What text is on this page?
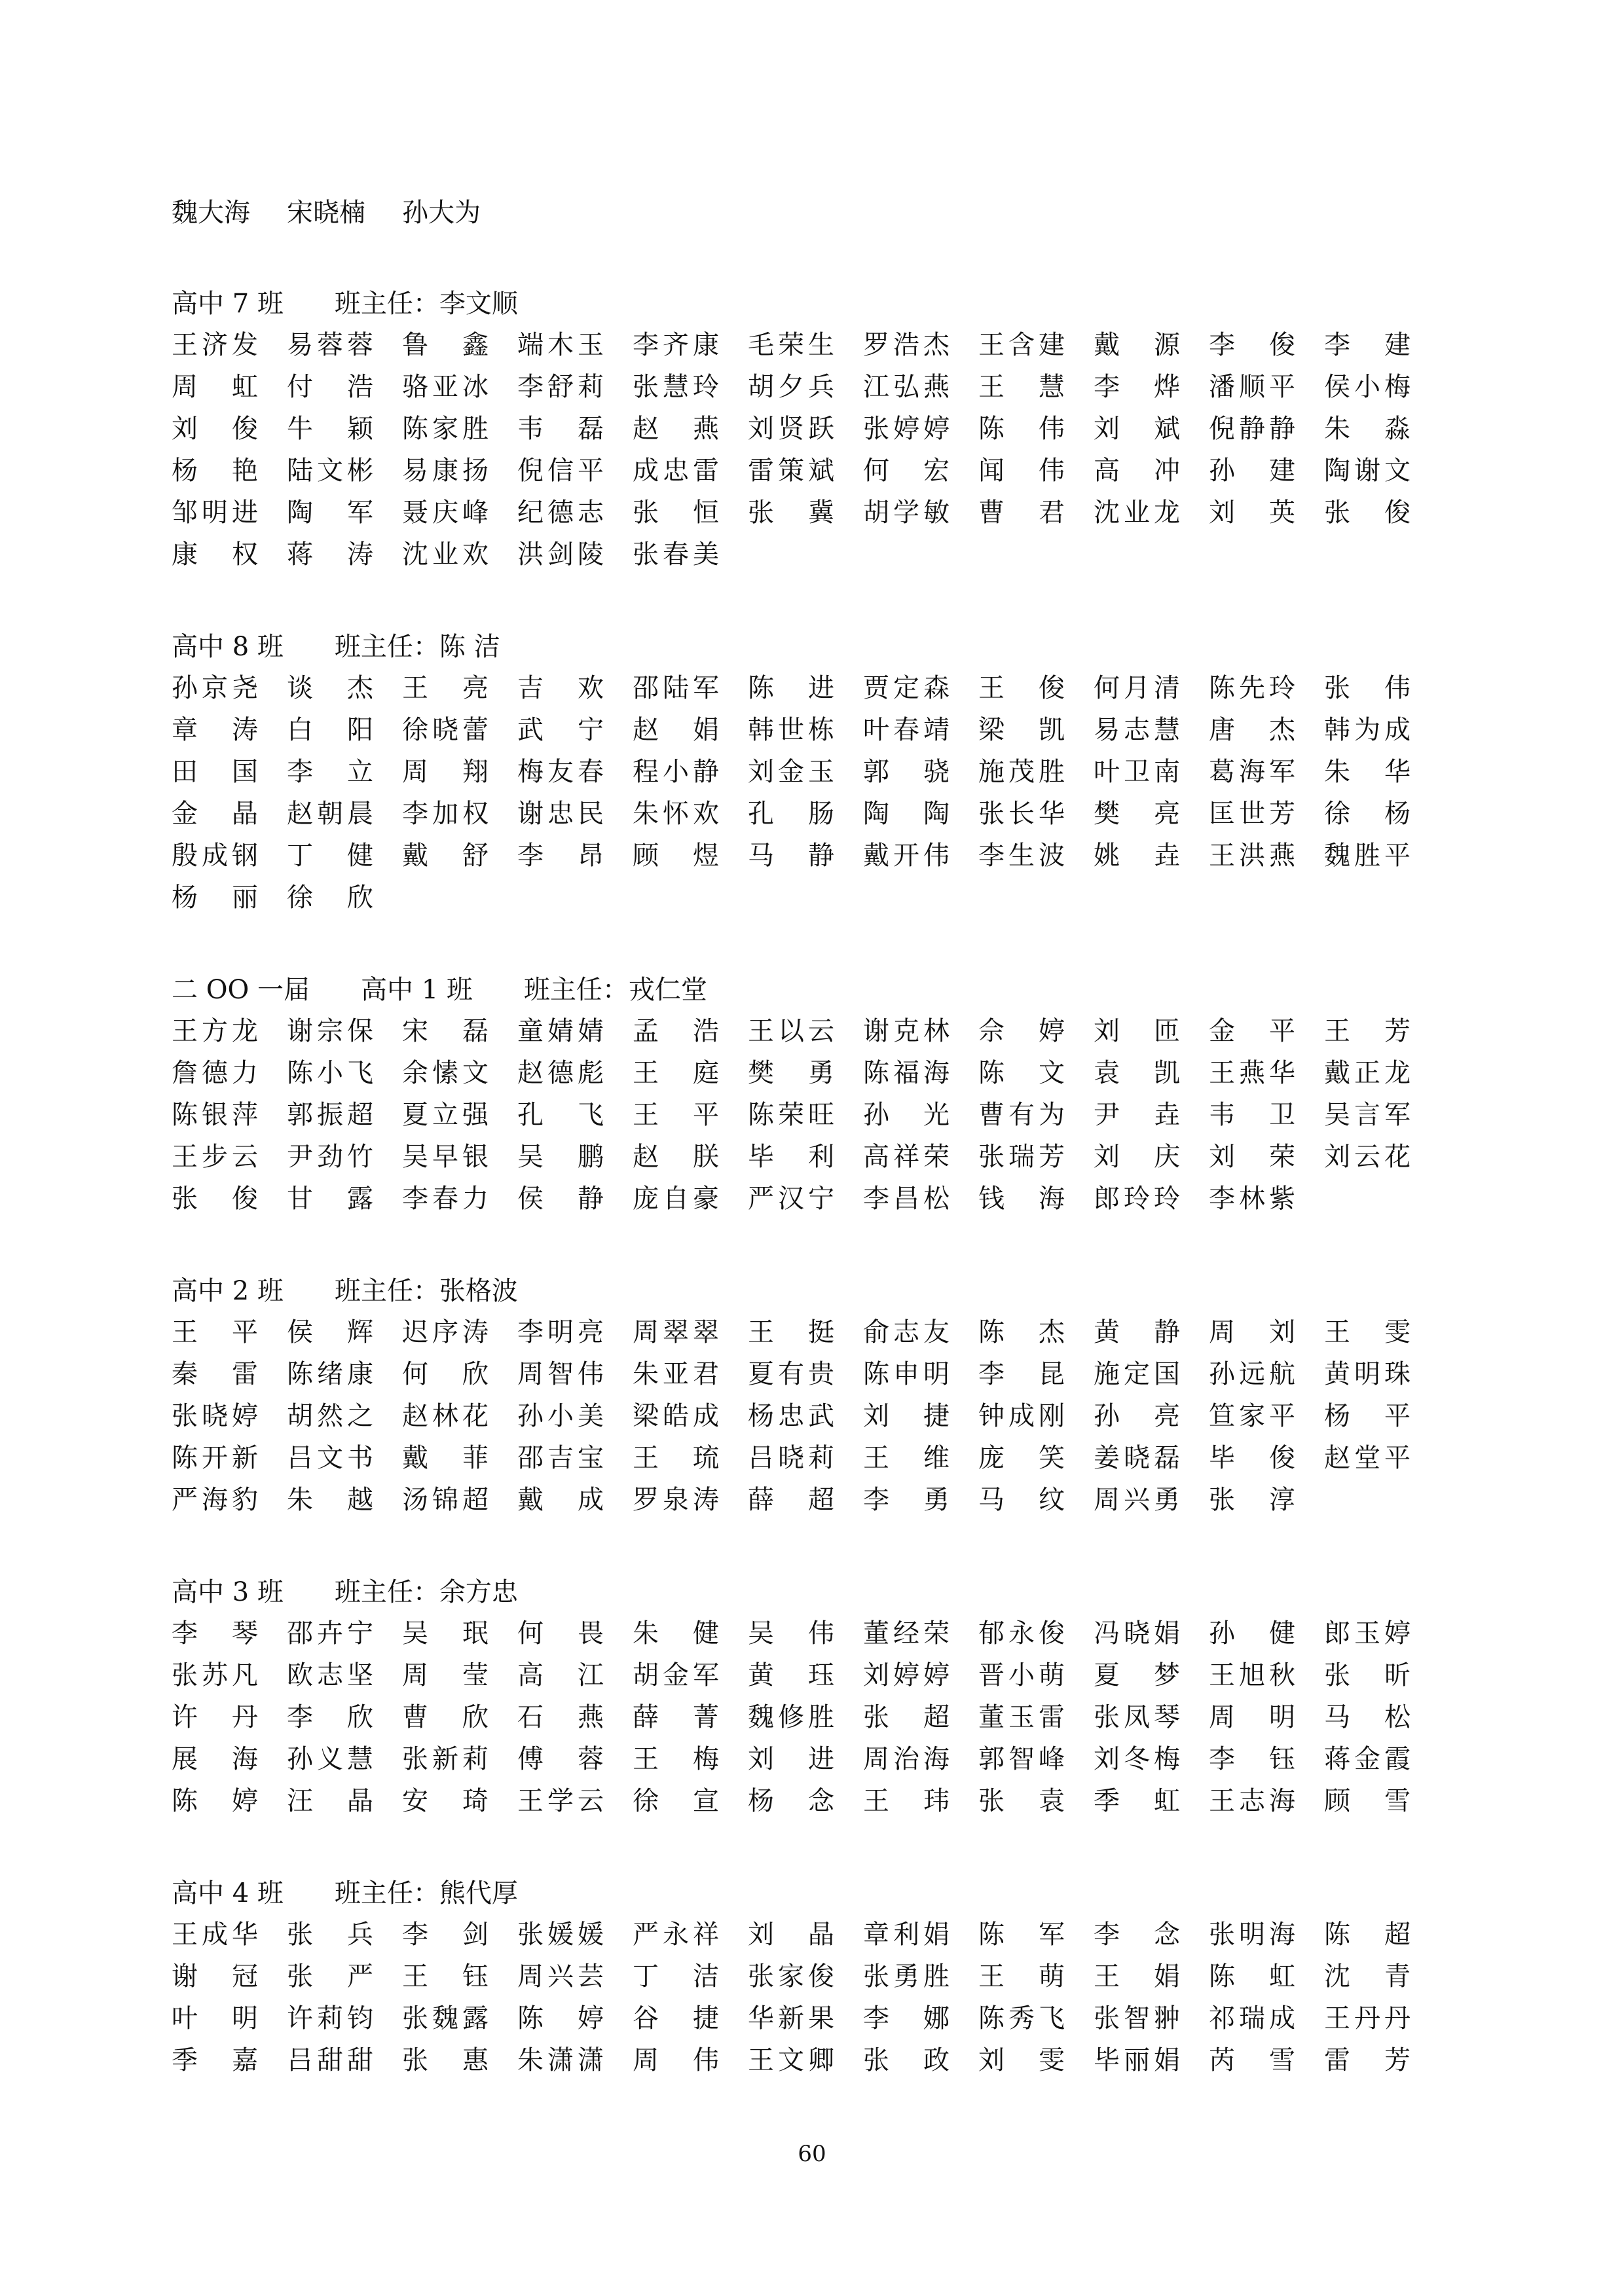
魏大海 宋晓楠 孙大为
高中 7 班 班主任：李文顺
王济发 易蓉蓉 鲁 鑫 端木玉 李齐康 毛荣生 罗浩杰 王含建 戴 源 李 俊 李 建
周 虹 付 浩 骆亚冰 李舒莉 张慧玲 胡夕兵 江弘燕 王 慧 李 烨 潘顺平 侯小梅
刘 俊 牛 颖 陈家胜 韦 磊 赵 燕 刘贤跃 张婷婷 陈 伟 刘 斌 倪静静 朱 淼
杨 艳 陆文彬 易康扬 倪信平 成忠雷 雷策斌 何 宏 闻 伟 高 冲 孙 建 陶谢文
邹明进 陶 军 聂庆峰 纪德志 张 恒 张 冀 胡学敏 曹 君 沈业龙 刘 英 张 俊
康 权 蒋 涛 沈业欢 洪剑陵 张春美
高中 8 班 班主任：陈 洁
孙京尧 谈 杰 王 亮 吉 欢 邵陆军 陈 进 贾定森 王 俊 何月清 陈先玲 张 伟
章 涛 白 阳 徐晓蕾 武 宁 赵 娟 韩世栋 叶春靖 梁 凯 易志慧 唐 杰 韩为成
田 国 李 立 周 翔 梅友春 程小静 刘金玉 郭 骁 施茂胜 叶卫南 葛海军 朱 华
金 晶 赵朝晨 李加权 谢忠民 朱怀欢 孔 肠 陶 陶 张长华 樊 亮 匡世芳 徐 杨
殷成钢 丁 健 戴 舒 李 昂 顾 煜 马 静 戴开伟 李生波 姚 垚 王洪燕 魏胜平
杨 丽 徐 欣
二 OO 一届 高中 1 班 班主任：戎仁堂
王方龙 谢宗保 宋 磊 童婧婧 孟 浩 王以云 谢克林 佘 婷 刘 匝 金 平 王 芳
詹德力 陈小飞 余愫文 赵德彪 王 庭 樊 勇 陈福海 陈 文 袁 凯 王燕华 戴正龙
陈银萍 郭振超 夏立强 孔 飞 王 平 陈荣旺 孙 光 曹有为 尹 垚 韦 卫 吴言军
王步云 尹劲竹 吴早银 吴 鹏 赵 朕 毕 利 高祥荣 张瑞芳 刘 庆 刘 荣 刘云花
张 俊 甘 露 李春力 侯 静 庞自豪 严汉宁 李昌松 钱 海 郎玲玲 李林紫
高中 2 班 班主任：张格波
王 平 侯 辉 迟序涛 李明亮 周翠翠 王 挺 俞志友 陈 杰 黄 静 周 刘 王 雯
秦 雷 陈绪康 何 欣 周智伟 朱亚君 夏有贵 陈申明 李 昆 施定国 孙远航 黄明珠
张晓婷 胡然之 赵林花 孙小美 梁皓成 杨忠武 刘 捷 钟成刚 孙 亮 笪家平 杨 平
陈开新 吕文书 戴 菲 邵吉宝 王 琉 吕晓莉 王 维 庞 笑 姜晓磊 毕 俊 赵堂平
严海豹 朱 越 汤锦超 戴 成 罗泉涛 薛 超 李 勇 马 纹 周兴勇 张 淳
高中 3 班 班主任：余方忠
李 琴 邵卉宁 吴 珉 何 畏 朱 健 吴 伟 董经荣 郁永俊 冯晓娟 孙 健 郎玉婷
张苏凡 欧志坚 周 莹 高 江 胡金军 黄 珏 刘婷婷 晋小萌 夏 梦 王旭秋 张 昕
许 丹 李 欣 曹 欣 石 燕 薛 菁 魏修胜 张 超 董玉雷 张凤琴 周 明 马 松
展 海 孙义慧 张新莉 傅 蓉 王 梅 刘 进 周治海 郭智峰 刘冬梅 李 钰 蒋金霞
陈 婷 汪 晶 安 琦 王学云 徐 宣 杨 念 王 玮 张 袁 季 虹 王志海 顾 雪
高中 4 班 班主任：熊代厚
王成华 张 兵 李 剑 张媛媛 严永祥 刘 晶 章利娟 陈 军 李 念 张明海 陈 超
谢 冠 张 严 王 钰 周兴芸 丁 洁 张家俊 张勇胜 王 萌 王 娟 陈 虹 沈 青
叶 明 许莉钧 张魏露 陈 婷 谷 捷 华新果 李 娜 陈秀飞 张智翀 祁瑞成 王丹丹
季 嘉 吕甜甜 张 惠 朱潇潇 周 伟 王文卿 张 政 刘 雯 毕丽娟 芮 雪 雷 芳
60
